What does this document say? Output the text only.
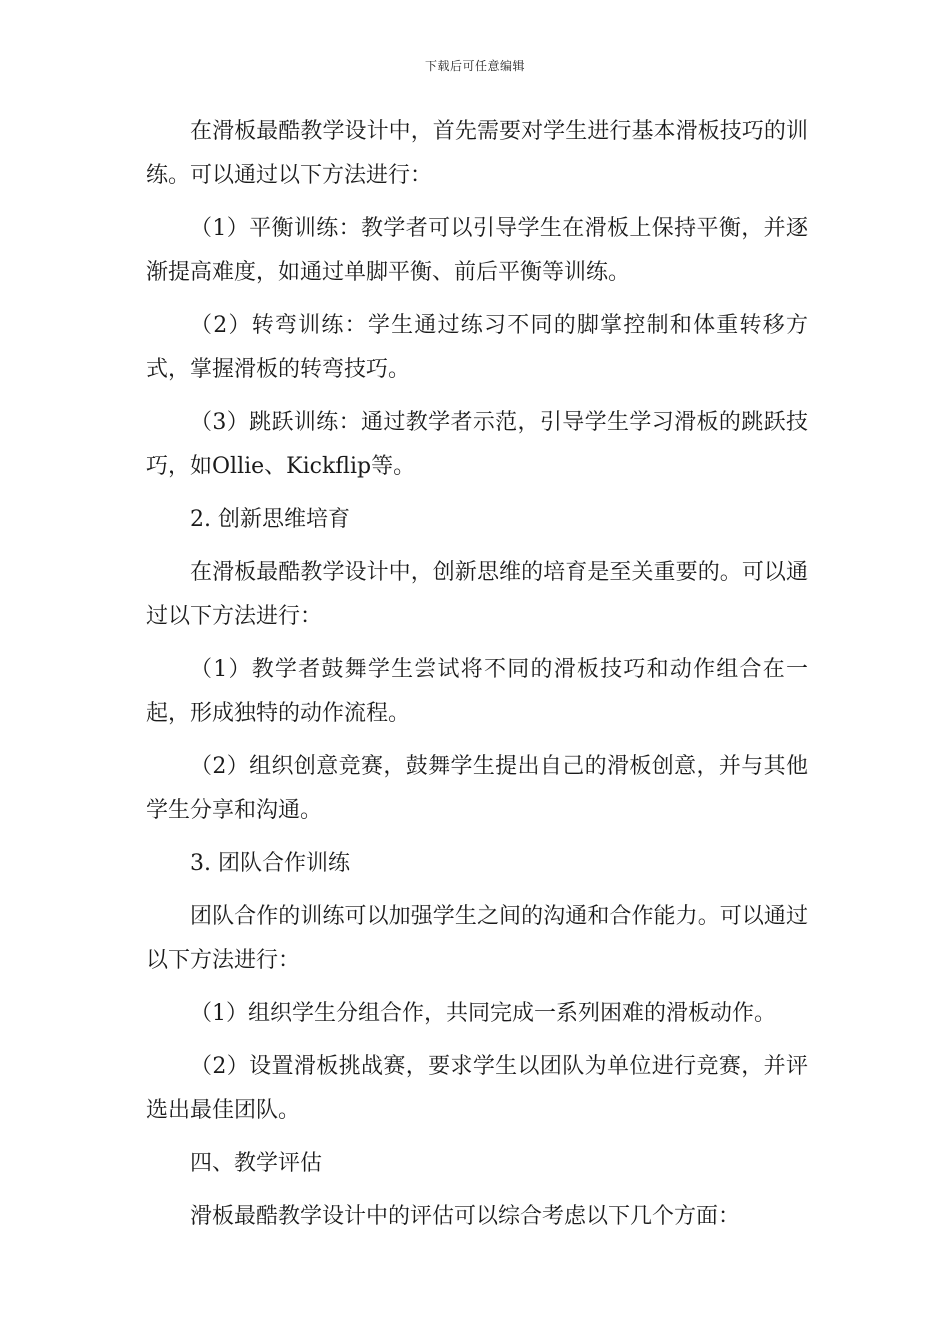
下载后可任意编辑

在滑板最酷教学设计中，首先需要对学生进行基本滑板技巧的训练。可以通过以下方法进行：

（1）平衡训练：教学者可以引导学生在滑板上保持平衡，并逐渐提高难度，如通过单脚平衡、前后平衡等训练。

（2）转弯训练：学生通过练习不同的脚掌控制和体重转移方式，掌握滑板的转弯技巧。

（3）跳跃训练：通过教学者示范，引导学生学习滑板的跳跃技巧，如Ollie、Kickflip等。

2. 创新思维培育

在滑板最酷教学设计中，创新思维的培育是至关重要的。可以通过以下方法进行：

（1）教学者鼓舞学生尝试将不同的滑板技巧和动作组合在一起，形成独特的动作流程。

（2）组织创意竞赛，鼓舞学生提出自己的滑板创意，并与其他学生分享和沟通。

3. 团队合作训练

团队合作的训练可以加强学生之间的沟通和合作能力。可以通过以下方法进行：

（1）组织学生分组合作，共同完成一系列困难的滑板动作。

（2）设置滑板挑战赛，要求学生以团队为单位进行竞赛，并评选出最佳团队。

四、教学评估

滑板最酷教学设计中的评估可以综合考虑以下几个方面：
